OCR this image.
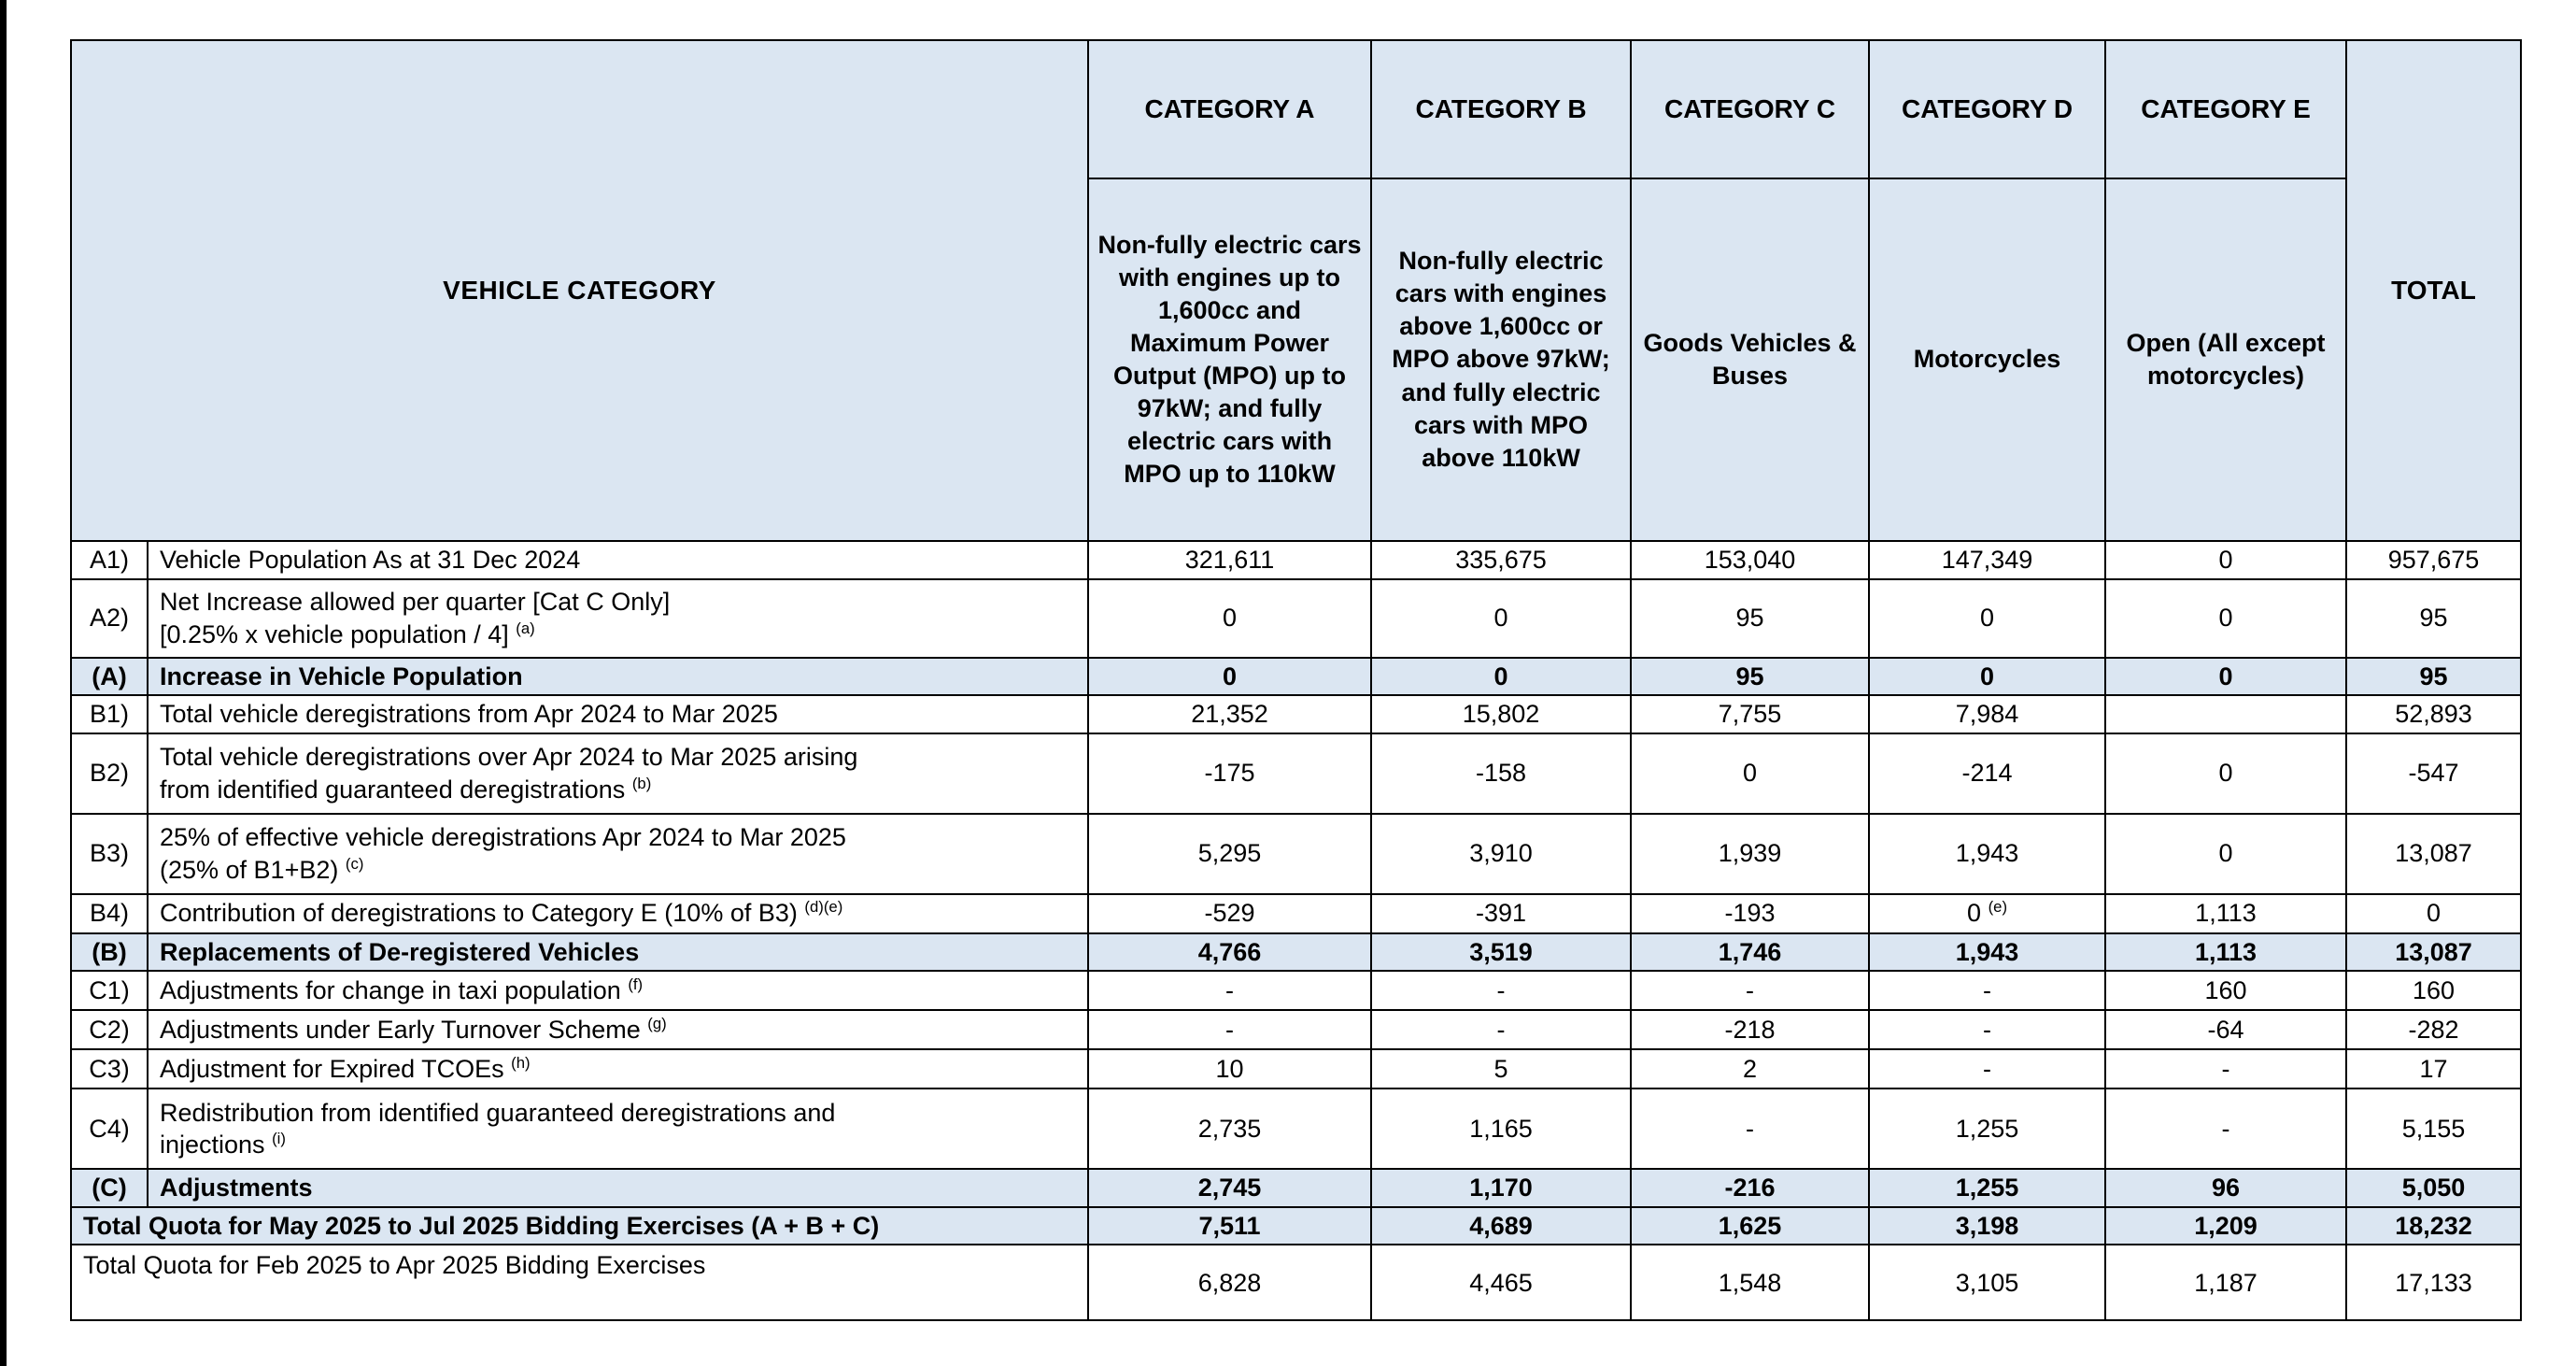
VEHICLE CATEGORY		CATEGORY A	CATEGORY B	CATEGORY C	CATEGORY D	CATEGORY E	TOTAL
		Non-fully electric cars with engines up to 1,600cc and Maximum Power Output (MPO) up to 97kW; and fully electric cars with MPO up to 110kW	Non-fully electric cars with engines above 1,600cc or MPO above 97kW; and fully electric cars with MPO above 110kW	Goods Vehicles & Buses	Motorcycles	Open (All except motorcycles)	
A1)	Vehicle Population As at 31 Dec 2024	321,611	335,675	153,040	147,349	0	957,675
A2)	Net Increase allowed per quarter [Cat C Only]
[0.25% x vehicle population / 4] $^{(a)}$	0	0	95	0	0	95
(A)	Increase in Vehicle Population	0	0	95	0	0	95
B1)	Total vehicle deregistrations from Apr 2024 to Mar 2025	21,352	15,802	7,755	7,984		52,893
B2)	Total vehicle deregistrations over Apr 2024 to Mar 2025 arising
from identified guaranteed deregistrations $^{(b)}$	-175	-158	0	-214	0	-547
B3)	25% of effective vehicle deregistrations Apr 2024 to Mar 2025
(25% of B1+B2) $^{(c)}$	5,295	3,910	1,939	1,943	0	13,087
B4)	Contribution of deregistrations to Category E (10% of B3) $^{(d)(e)}$	-529	-391	-193	0 $^{(e)}$	1,113	0
(B)	Replacements of De-registered Vehicles	4,766	3,519	1,746	1,943	1,113	13,087
C1)	Adjustments for change in taxi population $^{(f)}$	-	-	-	-	160	160
C2)	Adjustments under Early Turnover Scheme $^{(g)}$	-	-	-218	-	-64	-282
C3)	Adjustment for Expired TCOEs $^{(h)}$	10	5	2	-	-	17
C4)	Redistribution from identified guaranteed deregistrations and
injections $^{(i)}$	2,735	1,165	-	1,255	-	5,155
(C)	Adjustments	2,745	1,170	-216	1,255	96	5,050
Total Quota for May 2025 to Jul 2025 Bidding Exercises (A + B + C)		7,511	4,689	1,625	3,198	1,209	18,232
Total Quota for Feb 2025 to Apr 2025 Bidding Exercises		6,828	4,465	1,548	3,105	1,187	17,133
